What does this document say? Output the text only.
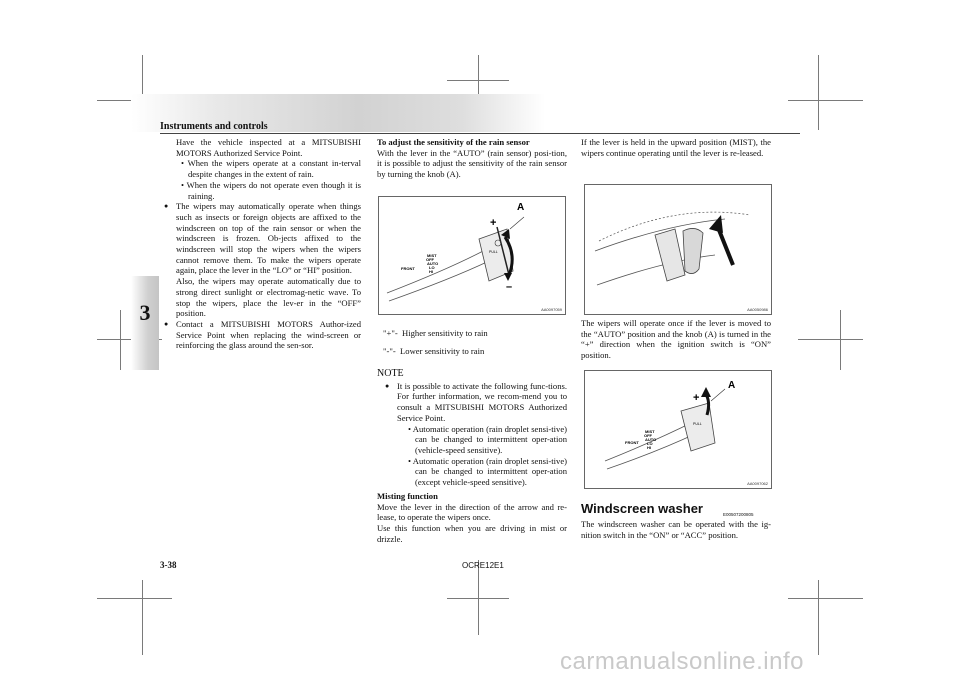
Instruments and controls
3

Have the vehicle inspected at a MITSUBISHI MOTORS Authorized Service Point.

• When the wipers operate at a constant in-terval despite changes in the extent of rain.

• When the wipers do not operate even though it is raining.

● The wipers may automatically operate when things such as insects or foreign objects are affixed to the windscreen on top of the rain sensor or when the windscreen is frozen. Ob-jects affixed to the windscreen will stop the wipers when the wipers cannot remove them. To make the wipers operate again, place the lever in the “LO” or “HI” position.

Also, the wipers may operate automatically due to strong direct sunlight or electromag-netic wave. To stop the wipers, place the lev-er in the “OFF” position.

● Contact a MITSUBISHI MOTORS Author-ized Service Point when replacing the wind-screen or reinforcing the glass around the sen-sor.

To adjust the sensitivity of the rain sensor

With the lever in the “AUTO” (rain sensor) posi-tion, it is possible to adjust the sensitivity of the rain sensor by turning the knob (A).

A
+
–
MIST
OFF
AUTO
LO
HI
FRONT
PULL
AA0097059
"+"- Higher sensitivity to rain
"-"- Lower sensitivity to rain

NOTE

● It is possible to activate the following func-tions. For further information, we recom-mend you to consult a MITSUBISHI MOTORS Authorized Service Point.

• Automatic operation (rain droplet sensi-tive) can be changed to intermittent oper-ation (vehicle-speed sensitive).

• Automatic operation (rain droplet sensi-tive) can be changed to intermittent oper-ation (except vehicle-speed sensitive).

Misting function

Move the lever in the direction of the arrow and re-lease, to operate the wipers once.

Use this function when you are driving in mist or drizzle.

If the lever is held in the upward position (MIST), the wipers continue operating until the lever is re-leased.

AA0050986

The wipers will operate once if the lever is moved to the “AUTO” position and the knob (A) is turned in the “+” direction when the ignition switch is “ON” position.

A
+
MIST
OFF
AUTO
LO
HI
FRONT
PULL
AA0097062
Windscreen washer	E00507200805

The windscreen washer can be operated with the ig-nition switch in the “ON” or “ACC” position.

3-38	OCRE12E1
carmanualsonline.info
